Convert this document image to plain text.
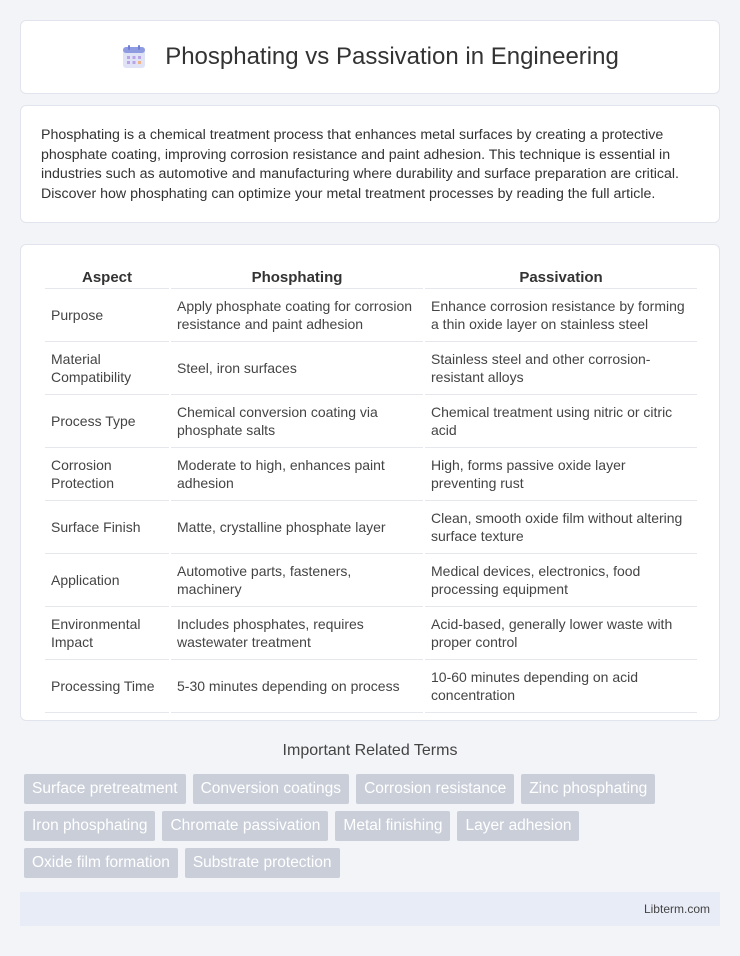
Phosphating vs Passivation in Engineering

Phosphating is a chemical treatment process that enhances metal surfaces by creating a protective phosphate coating, improving corrosion resistance and paint adhesion. This technique is essential in industries such as automotive and manufacturing where durability and surface preparation are critical. Discover how phosphating can optimize your metal treatment processes by reading the full article.

Aspect	Phosphating	Passivation
Purpose	Apply phosphate coating for corrosion resistance and paint adhesion	Enhance corrosion resistance by forming a thin oxide layer on stainless steel
Material Compatibility	Steel, iron surfaces	Stainless steel and other corrosion-resistant alloys
Process Type	Chemical conversion coating via phosphate salts	Chemical treatment using nitric or citric acid
Corrosion Protection	Moderate to high, enhances paint adhesion	High, forms passive oxide layer preventing rust
Surface Finish	Matte, crystalline phosphate layer	Clean, smooth oxide film without altering surface texture
Application	Automotive parts, fasteners, machinery	Medical devices, electronics, food processing equipment
Environmental Impact	Includes phosphates, requires wastewater treatment	Acid-based, generally lower waste with proper control
Processing Time	5-30 minutes depending on process	10-60 minutes depending on acid concentration
Important Related Terms
Surface pretreatment	Conversion coatings	Corrosion resistance	Zinc phosphating
Iron phosphating	Chromate passivation	Metal finishing	Layer adhesion
Oxide film formation	Substrate protection
Libterm.com
